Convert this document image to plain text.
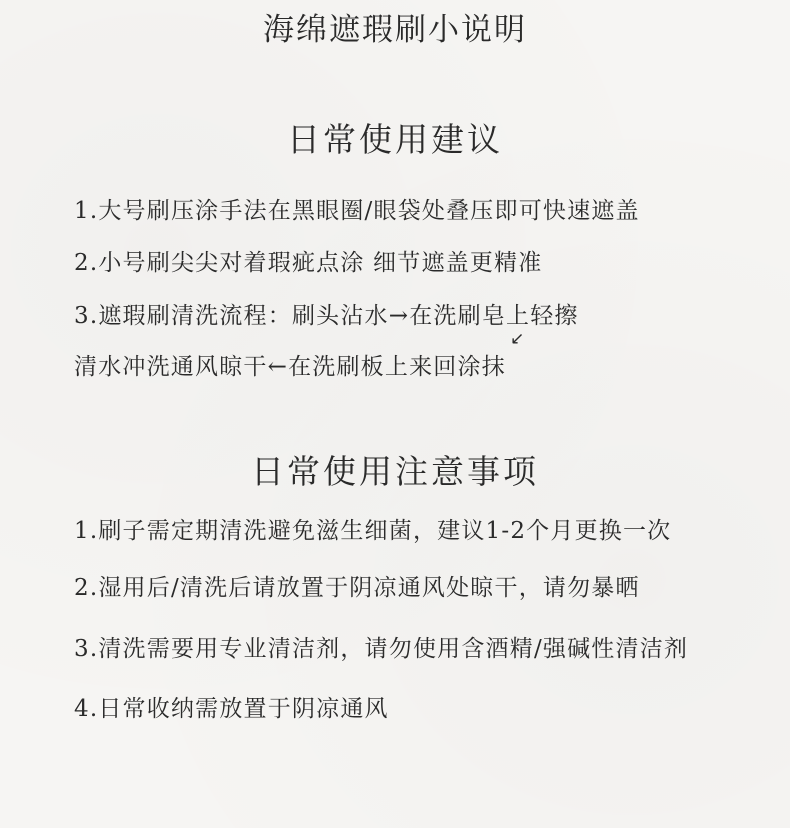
海绵遮瑕刷小说明
日常使用建议
1.大号刷压涂手法在黑眼圈/眼袋处叠压即可快速遮盖
2.小号刷尖尖对着瑕疵点涂 细节遮盖更精准
3.遮瑕刷清洗流程：刷头沾水→在洗刷皂上轻擦
↙
清水冲洗通风晾干←在洗刷板上来回涂抹
日常使用注意事项
1.刷子需定期清洗避免滋生细菌，建议1-2个月更换一次
2.湿用后/清洗后请放置于阴凉通风处晾干，请勿暴晒
3.清洗需要用专业清洁剂，请勿使用含酒精/强碱性清洁剂
4.日常收纳需放置于阴凉通风
